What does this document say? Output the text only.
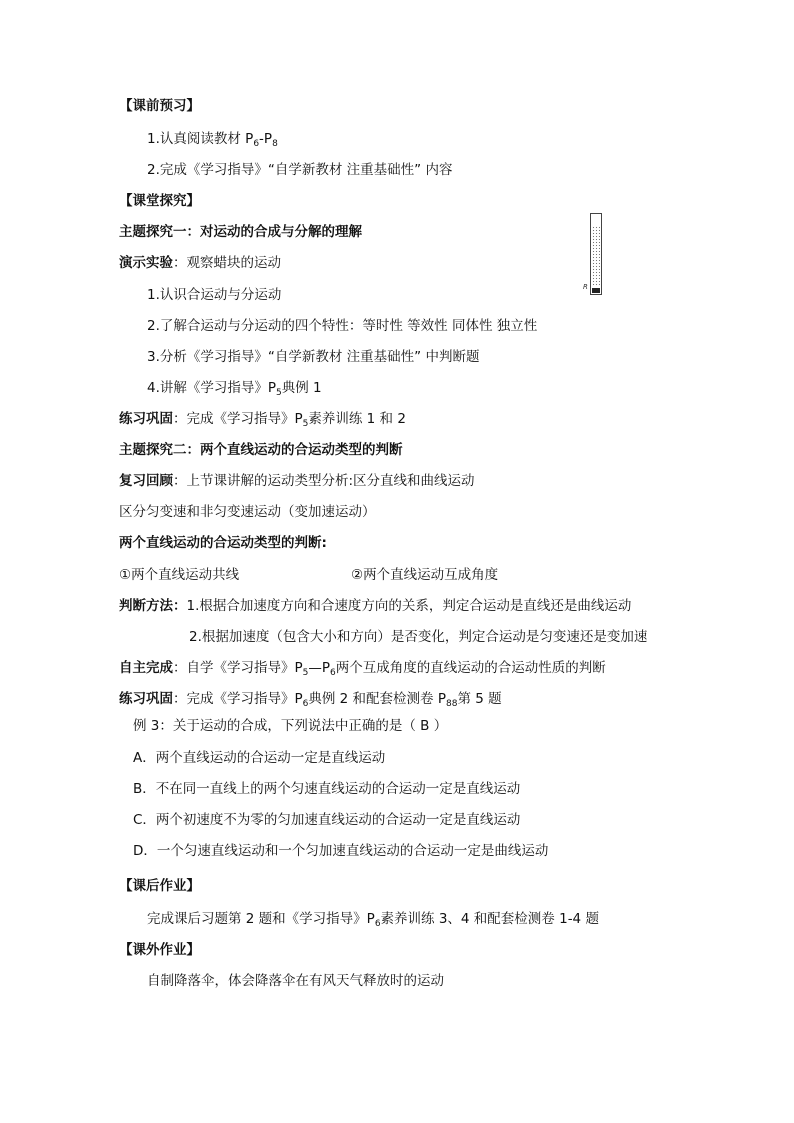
【课前预习】
1.认真阅读教材 $P_6-P_8$
2.完成《学习指导》“自学新教材 注重基础性” 内容
【课堂探究】
主题探究一：对运动的合成与分解的理解
R
演示实验：观察蜡块的运动
1.认识合运动与分运动
2.了解合运动与分运动的四个特性：等时性 等效性 同体性 独立性
3.分析《学习指导》“自学新教材 注重基础性” 中判断题
4.讲解《学习指导》$P_5$典例 1
练习巩固：完成《学习指导》$P_5$素养训练 1 和 2
主题探究二：两个直线运动的合运动类型的判断
复习回顾：上节课讲解的运动类型分析:区分直线和曲线运动
区分匀变速和非匀变速运动（变加速运动）
两个直线运动的合运动类型的判断:
①两个直线运动共线	②两个直线运动互成角度
判断方法：1.根据合加速度方向和合速度方向的关系，判定合运动是直线还是曲线运动
2.根据加速度（包含大小和方向）是否变化，判定合运动是匀变速还是变加速
自主完成：自学《学习指导》$P_5—P_6$两个互成角度的直线运动的合运动性质的判断
练习巩固：完成《学习指导》$P_6$典例 2 和配套检测卷 $P_{88}$第 5 题
例 3：关于运动的合成，下列说法中正确的是（ B ）
A．两个直线运动的合运动一定是直线运动
B．不在同一直线上的两个匀速直线运动的合运动一定是直线运动
C．两个初速度不为零的匀加速直线运动的合运动一定是直线运动
D．一个匀速直线运动和一个匀加速直线运动的合运动一定是曲线运动
【课后作业】
完成课后习题第 2 题和《学习指导》$P_6$素养训练 3、4 和配套检测卷 1-4 题
【课外作业】
自制降落伞，体会降落伞在有风天气释放时的运动
